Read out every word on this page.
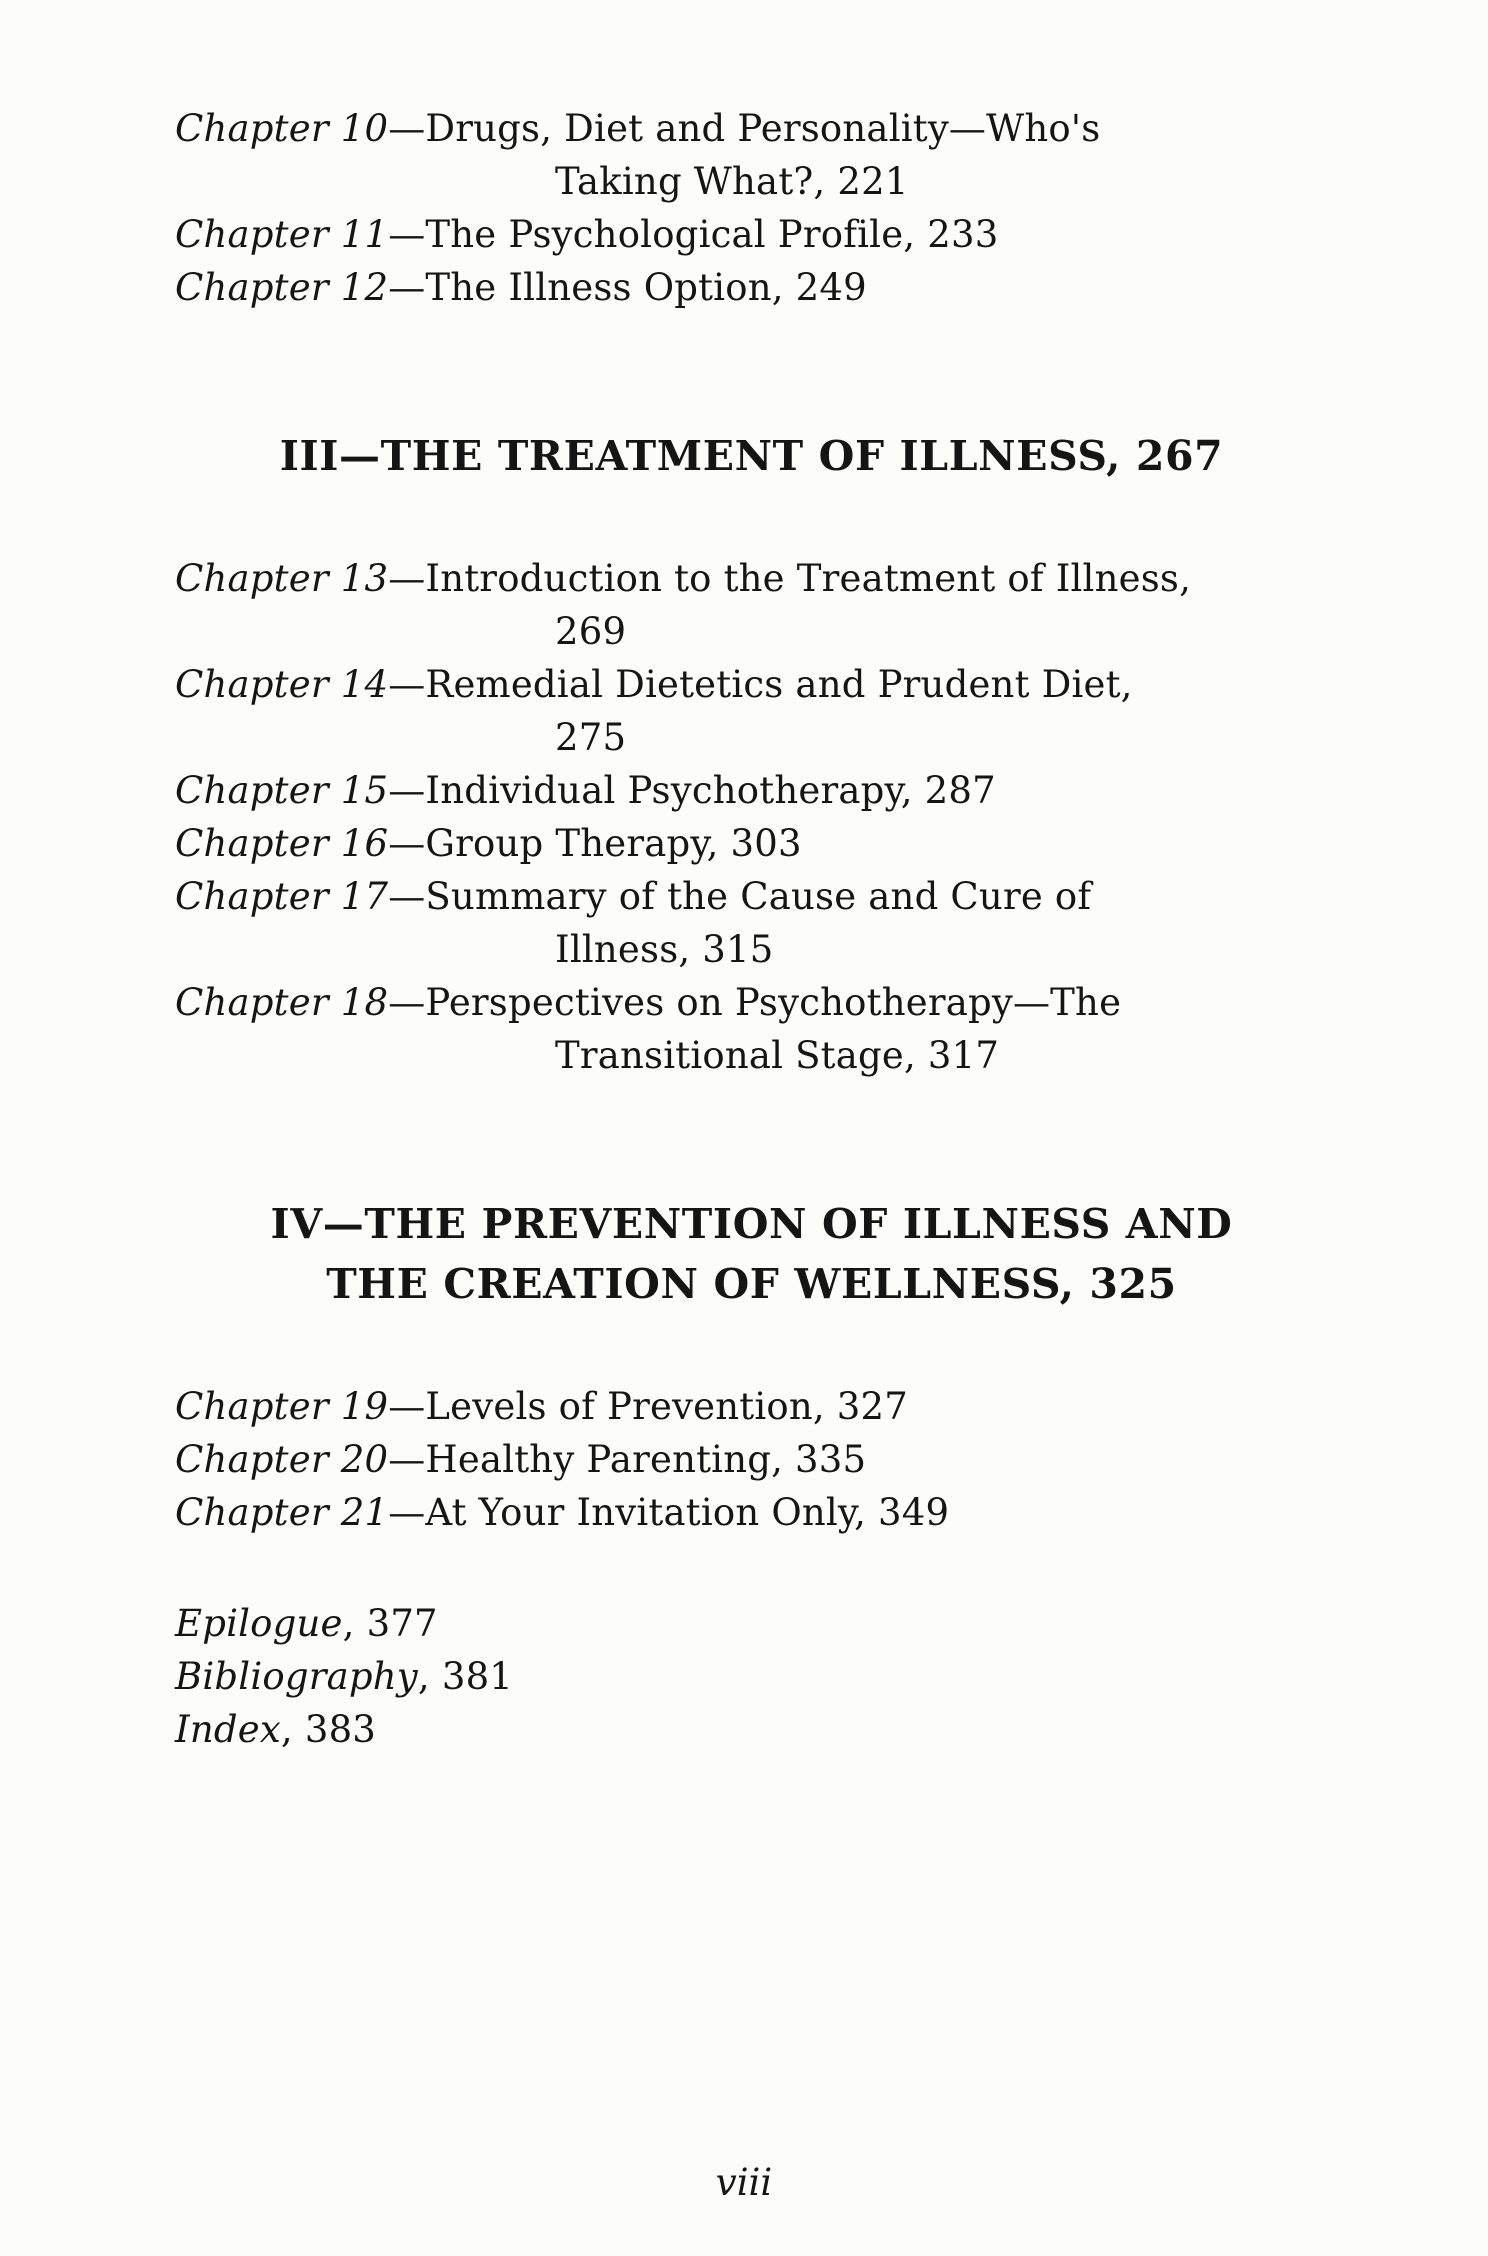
Chapter 10—Drugs, Diet and Personality—Who's
Taking What?, 221
Chapter 11—The Psychological Profile, 233
Chapter 12—The Illness Option, 249
III—THE TREATMENT OF ILLNESS, 267
Chapter 13—Introduction to the Treatment of Illness,
269
Chapter 14—Remedial Dietetics and Prudent Diet,
275
Chapter 15—Individual Psychotherapy, 287
Chapter 16—Group Therapy, 303
Chapter 17—Summary of the Cause and Cure of
Illness, 315
Chapter 18—Perspectives on Psychotherapy—The
Transitional Stage, 317
IV—THE PREVENTION OF ILLNESS AND
THE CREATION OF WELLNESS, 325
Chapter 19—Levels of Prevention, 327
Chapter 20—Healthy Parenting, 335
Chapter 21—At Your Invitation Only, 349
Epilogue, 377
Bibliography, 381
Index, 383
viii
